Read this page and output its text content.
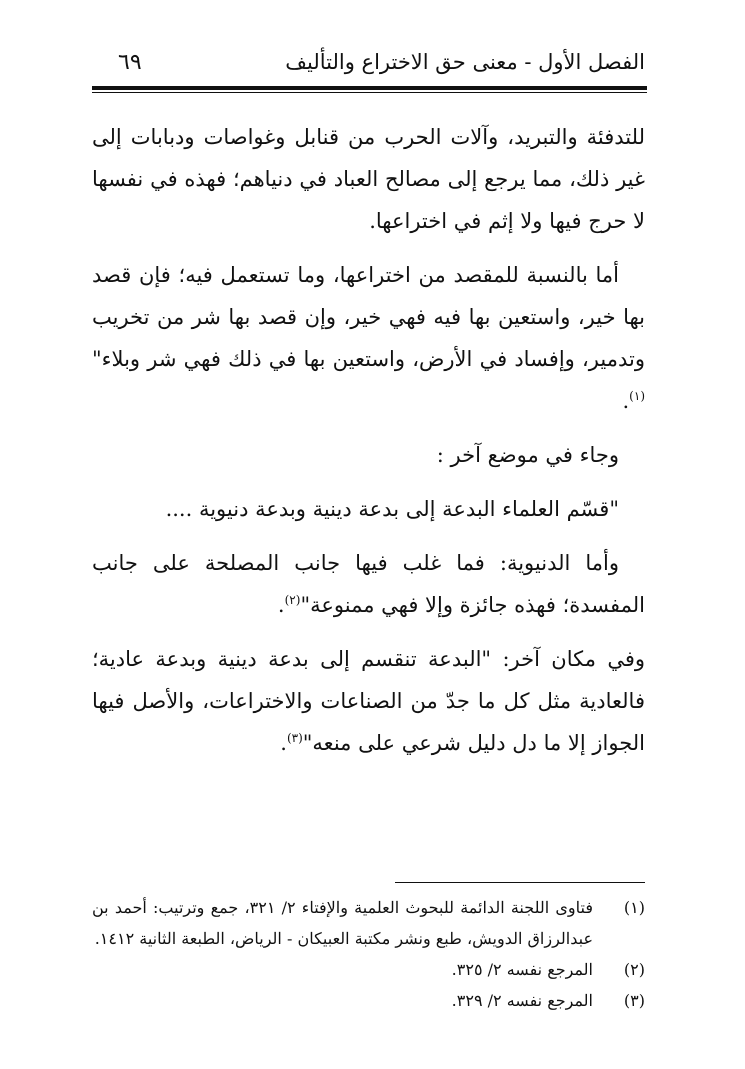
الفصل الأول - معنى حق الاختراع والتأليف
٦٩

للتدفئة والتبريد، وآلات الحرب من قنابل وغواصات ودبابات إلى غير ذلك، مما يرجع إلى مصالح العباد في دنياهم؛ فهذه في نفسها لا حرج فيها ولا إثم في اختراعها.

أما بالنسبة للمقصد من اختراعها، وما تستعمل فيه؛ فإن قصد بها خير، واستعين بها فيه فهي خير، وإن قصد بها شر من تخريب وتدمير، وإفساد في الأرض، واستعين بها في ذلك فهي شر وبلاء"$^{(١)}$.

وجاء في موضع آخر :

"قسّم العلماء البدعة إلى بدعة دينية وبدعة دنيوية ....

وأما الدنيوية: فما غلب فيها جانب المصلحة على جانب المفسدة؛ فهذه جائزة وإلا فهي ممنوعة"$^{(٢)}$.

وفي مكان آخر: "البدعة تنقسم إلى بدعة دينية وبدعة عادية؛ فالعادية مثل كل ما جدّ من الصناعات والاختراعات، والأصل فيها الجواز إلا ما دل دليل شرعي على منعه"$^{(٣)}$.

(١)
فتاوى اللجنة الدائمة للبحوث العلمية والإفتاء ٢/ ٣٢١، جمع وترتيب: أحمد بن عبدالرزاق الدويش، طبع ونشر مكتبة العبيكان - الرياض، الطبعة الثانية ١٤١٢.
(٢)
المرجع نفسه ٢/ ٣٢٥.
(٣)
المرجع نفسه ٢/ ٣٢٩.
